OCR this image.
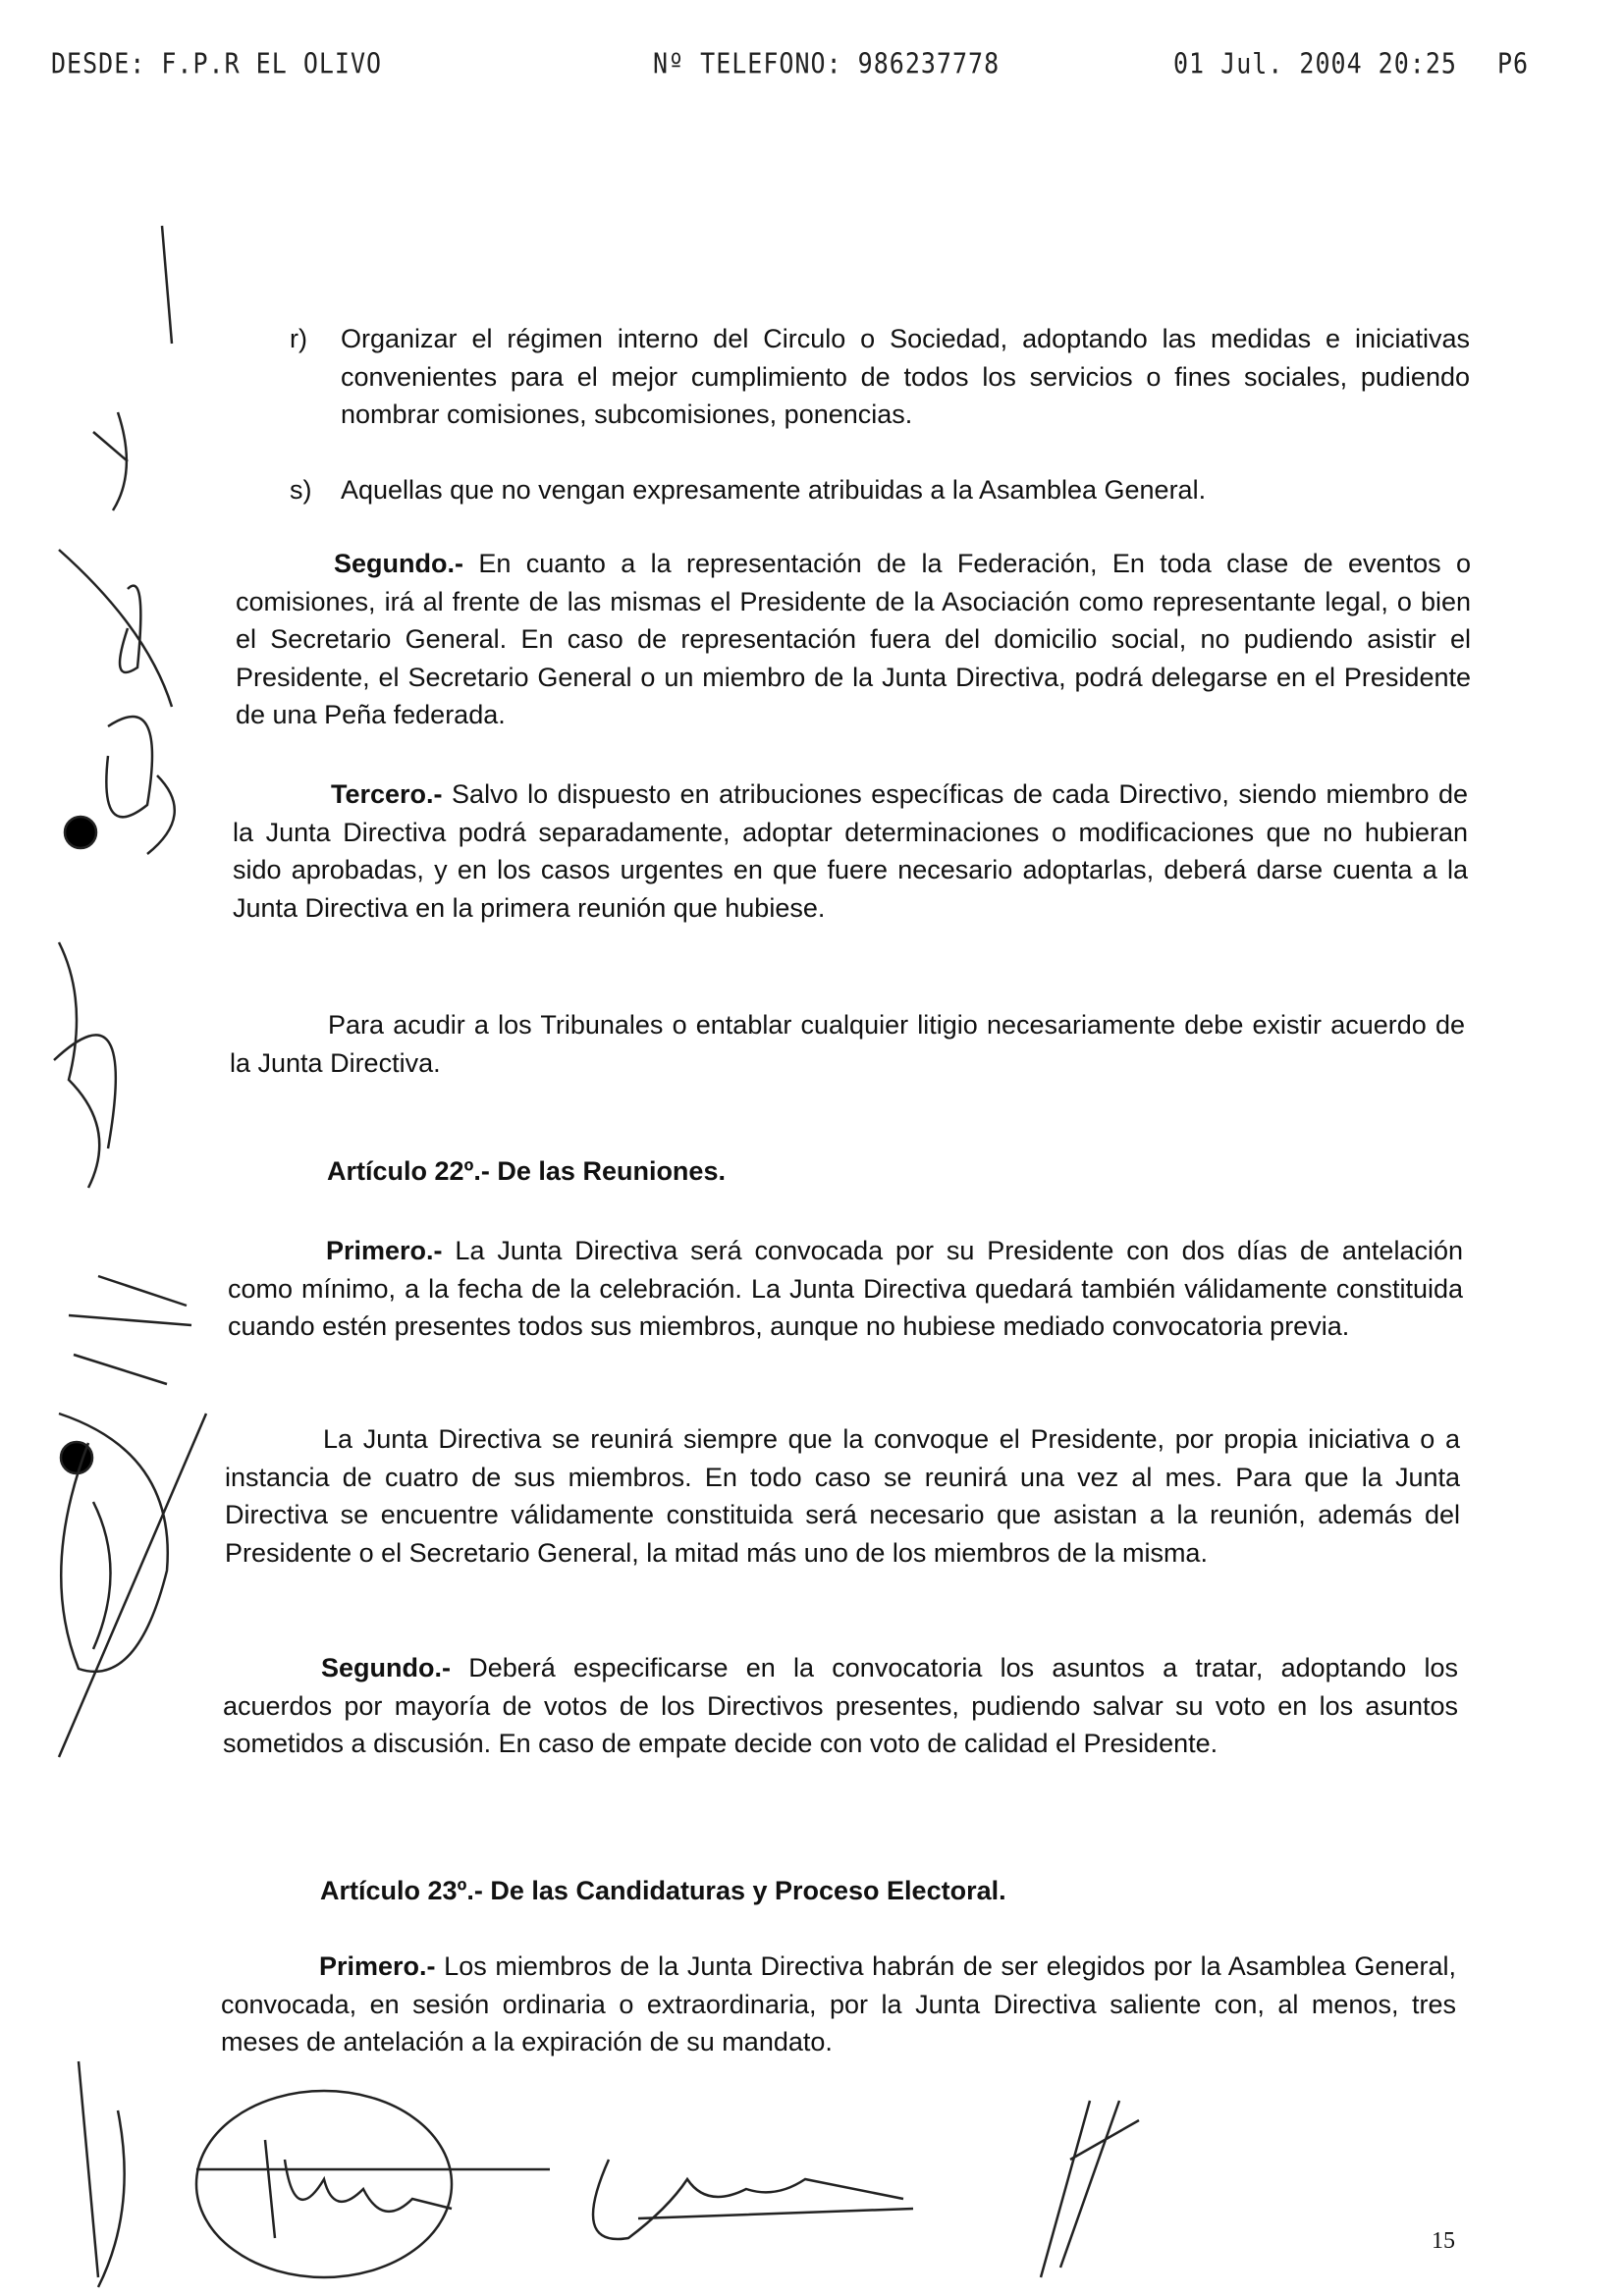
DESDE: F.P.R EL OLIVO	Nº TELEFONO: 986237778	01 Jul. 2004 20:25 P6
r) Organizar el régimen interno del Circulo o Sociedad, adoptando las medidas e iniciativas convenientes para el mejor cumplimiento de todos los servicios o fines sociales, pudiendo nombrar comisiones, subcomisiones, ponencias.
s) Aquellas que no vengan expresamente atribuidas a la Asamblea General.
Segundo.- En cuanto a la representación de la Federación, En toda clase de eventos o comisiones, irá al frente de las mismas el Presidente de la Asociación como representante legal, o bien el Secretario General. En caso de representación fuera del domicilio social, no pudiendo asistir el Presidente, el Secretario General o un miembro de la Junta Directiva, podrá delegarse en el Presidente de una Peña federada.
Tercero.- Salvo lo dispuesto en atribuciones específicas de cada Directivo, siendo miembro de la Junta Directiva podrá separadamente, adoptar determinaciones o modificaciones que no hubieran sido aprobadas, y en los casos urgentes en que fuere necesario adoptarlas, deberá darse cuenta a la Junta Directiva en la primera reunión que hubiese.
Para acudir a los Tribunales o entablar cualquier litigio necesariamente debe existir acuerdo de la Junta Directiva.
Artículo 22º.- De las Reuniones.
Primero.- La Junta Directiva será convocada por su Presidente con dos días de antelación como mínimo, a la fecha de la celebración. La Junta Directiva quedará también válidamente constituida cuando estén presentes todos sus miembros, aunque no hubiese mediado convocatoria previa.
La Junta Directiva se reunirá siempre que la convoque el Presidente, por propia iniciativa o a instancia de cuatro de sus miembros. En todo caso se reunirá una vez al mes. Para que la Junta Directiva se encuentre válidamente constituida será necesario que asistan a la reunión, además del Presidente o el Secretario General, la mitad más uno de los miembros de la misma.
Segundo.- Deberá especificarse en la convocatoria los asuntos a tratar, adoptando los acuerdos por mayoría de votos de los Directivos presentes, pudiendo salvar su voto en los asuntos sometidos a discusión. En caso de empate decide con voto de calidad el Presidente.
Artículo 23º.- De las Candidaturas y Proceso Electoral.
Primero.- Los miembros de la Junta Directiva habrán de ser elegidos por la Asamblea General, convocada, en sesión ordinaria o extraordinaria, por la Junta Directiva saliente con, al menos, tres meses de antelación a la expiración de su mandato.
15
